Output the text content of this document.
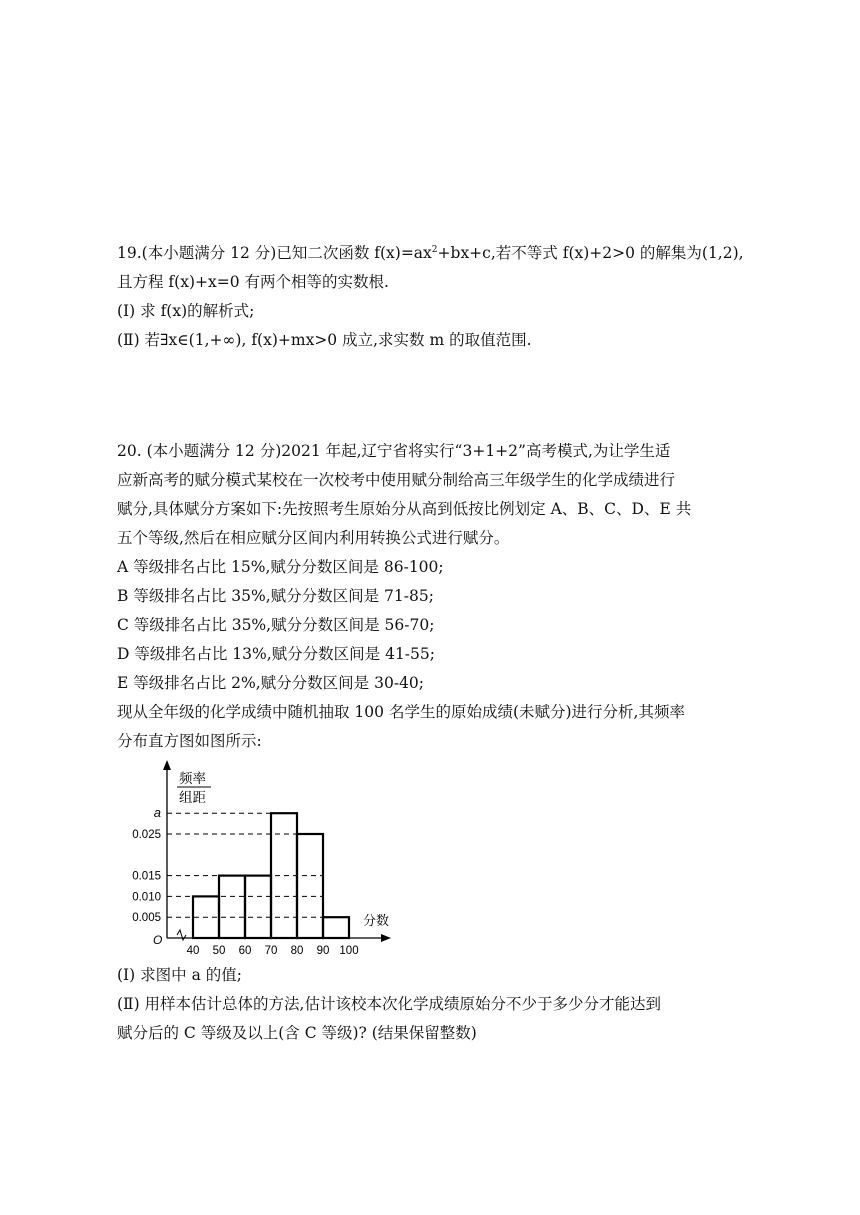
19.(本小题满分 12 分)已知二次函数 $f(x)=ax^2+bx+c$,若不等式 f(x)+2>0 的解集为(1,2),
且方程 f(x)+x=0 有两个相等的实数根.
(Ⅰ) 求 f(x)的解析式;
(Ⅱ) 若∃x∈(1,+∞), f(x)+mx>0 成立,求实数 m 的取值范围.
20. (本小题满分 12 分)2021 年起,辽宁省将实行“3+1+2”高考模式,为让学生适
应新高考的赋分模式某校在一次校考中使用赋分制给高三年级学生的化学成绩进行
赋分,具体赋分方案如下:先按照考生原始分从高到低按比例划定 A、B、C、D、E 共
五个等级,然后在相应赋分区间内利用转换公式进行赋分。
A 等级排名占比 15%,赋分分数区间是 86-100;
B 等级排名占比 35%,赋分分数区间是 71-85;
C 等级排名占比 35%,赋分分数区间是 56-70;
D 等级排名占比 13%,赋分分数区间是 41-55;
E 等级排名占比 2%,赋分分数区间是 30-40;
现从全年级的化学成绩中随机抽取 100 名学生的原始成绩(未赋分)进行分析,其频率
分布直方图如图所示:
频率
组距
O
分数
0.005
0.010
0.015
0.025
a
40 50 60 70 80 90 100
(Ⅰ) 求图中 a 的值;
(Ⅱ) 用样本估计总体的方法,估计该校本次化学成绩原始分不少于多少分才能达到
赋分后的 C 等级及以上(含 C 等级)? (结果保留整数)
